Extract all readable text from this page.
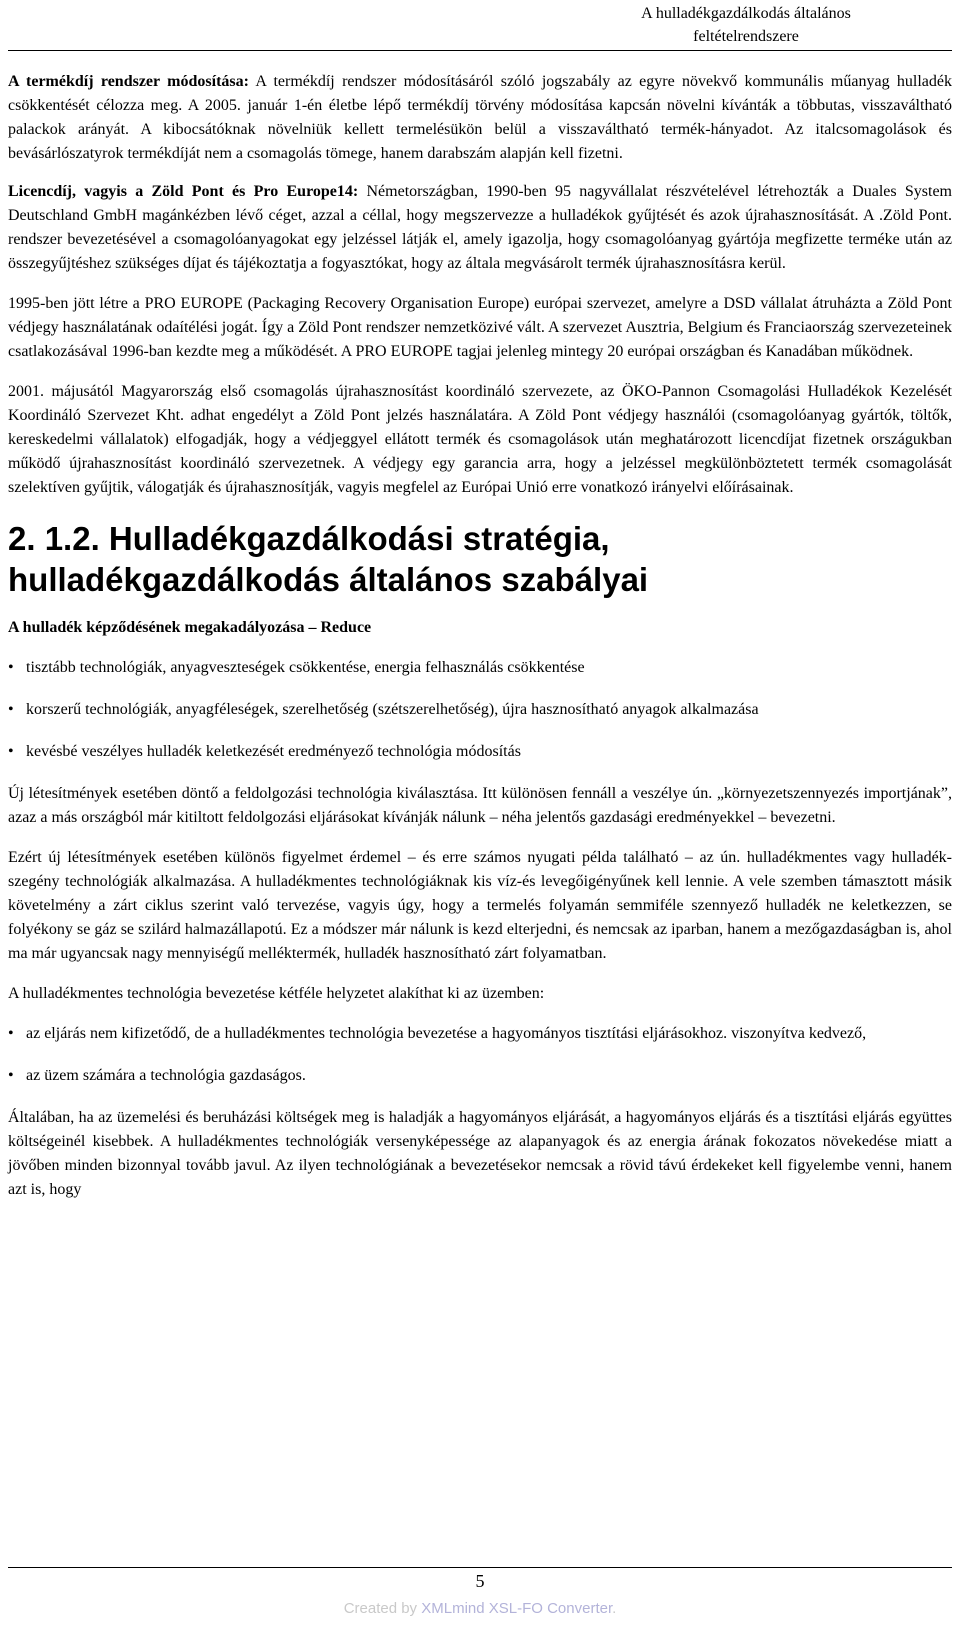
A hulladékgazdálkodás általános
feltételrendszere

A termékdíj rendszer módosítása: A termékdíj rendszer módosításáról szóló jogszabály az egyre növekvő kommunális műanyag hulladék csökkentését célozza meg. A 2005. január 1-én életbe lépő termékdíj törvény módosítása kapcsán növelni kívánták a többutas, visszaváltható palackok arányát. A kibocsátóknak növelniük kellett termelésükön belül a visszaváltható termék-hányadot. Az italcsomagolások és bevásárlószatyrok termékdíját nem a csomagolás tömege, hanem darabszám alapján kell fizetni.

Licencdíj, vagyis a Zöld Pont és Pro Europe14: Németországban, 1990-ben 95 nagyvállalat részvételével létrehozták a Duales System Deutschland GmbH magánkézben lévő céget, azzal a céllal, hogy megszervezze a hulladékok gyűjtését és azok újrahasznosítását. A .Zöld Pont. rendszer bevezetésével a csomagolóanyagokat egy jelzéssel látják el, amely igazolja, hogy csomagolóanyag gyártója megfizette terméke után az összegyűjtéshez szükséges díjat és tájékoztatja a fogyasztókat, hogy az általa megvásárolt termék újrahasznosításra kerül.

1995-ben jött létre a PRO EUROPE (Packaging Recovery Organisation Europe) európai szervezet, amelyre a DSD vállalat átruházta a Zöld Pont védjegy használatának odaítélési jogát. Így a Zöld Pont rendszer nemzetközivé vált. A szervezet Ausztria, Belgium és Franciaország szervezeteinek csatlakozásával 1996-ban kezdte meg a működését. A PRO EUROPE tagjai jelenleg mintegy 20 európai országban és Kanadában működnek.

2001. májusától Magyarország első csomagolás újrahasznosítást koordináló szervezete, az ÖKO-Pannon Csomagolási Hulladékok Kezelését Koordináló Szervezet Kht. adhat engedélyt a Zöld Pont jelzés használatára. A Zöld Pont védjegy használói (csomagolóanyag gyártók, töltők, kereskedelmi vállalatok) elfogadják, hogy a védjeggyel ellátott termék és csomagolások után meghatározott licencdíjat fizetnek országukban működő újrahasznosítást koordináló szervezetnek. A védjegy egy garancia arra, hogy a jelzéssel megkülönböztetett termék csomagolását szelektíven gyűjtik, válogatják és újrahasznosítják, vagyis megfelel az Európai Unió erre vonatkozó irányelvi előírásainak.

2. 1.2. Hulladékgazdálkodási stratégia,
hulladékgazdálkodás általános szabályai
A hulladék képződésének megakadályozása – Reduce
• tisztább technológiák, anyagveszteségek csökkentése, energia felhasználás csökkentése
• korszerű technológiák, anyagféleségek, szerelhetőség (szétszerelhetőség), újra hasznosítható anyagok alkalmazása
• kevésbé veszélyes hulladék keletkezését eredményező technológia módosítás

Új létesítmények esetében döntő a feldolgozási technológia kiválasztása. Itt különösen fennáll a veszélye ún. „környezetszennyezés importjának”, azaz a más országból már kitiltott feldolgozási eljárásokat kívánják nálunk – néha jelentős gazdasági eredményekkel – bevezetni.

Ezért új létesítmények esetében különös figyelmet érdemel – és erre számos nyugati példa található – az ún. hulladékmentes vagy hulladék-szegény technológiák alkalmazása. A hulladékmentes technológiáknak kis víz-és levegőigényűnek kell lennie. A vele szemben támasztott másik követelmény a zárt ciklus szerint való tervezése, vagyis úgy, hogy a termelés folyamán semmiféle szennyező hulladék ne keletkezzen, se folyékony se gáz se szilárd halmazállapotú. Ez a módszer már nálunk is kezd elterjedni, és nemcsak az iparban, hanem a mezőgazdaságban is, ahol ma már ugyancsak nagy mennyiségű melléktermék, hulladék hasznosítható zárt folyamatban.

A hulladékmentes technológia bevezetése kétféle helyzetet alakíthat ki az üzemben:

• az eljárás nem kifizetődő, de a hulladékmentes technológia bevezetése a hagyományos tisztítási eljárásokhoz. viszonyítva kedvező,
• az üzem számára a technológia gazdaságos.

Általában, ha az üzemelési és beruházási költségek meg is haladják a hagyományos eljárását, a hagyományos eljárás és a tisztítási eljárás együttes költségeinél kisebbek. A hulladékmentes technológiák versenyképessége az alapanyagok és az energia árának fokozatos növekedése miatt a jövőben minden bizonnyal tovább javul. Az ilyen technológiának a bevezetésekor nemcsak a rövid távú érdekeket kell figyelembe venni, hanem azt is, hogy

5
Created by XMLmind XSL-FO Converter.
